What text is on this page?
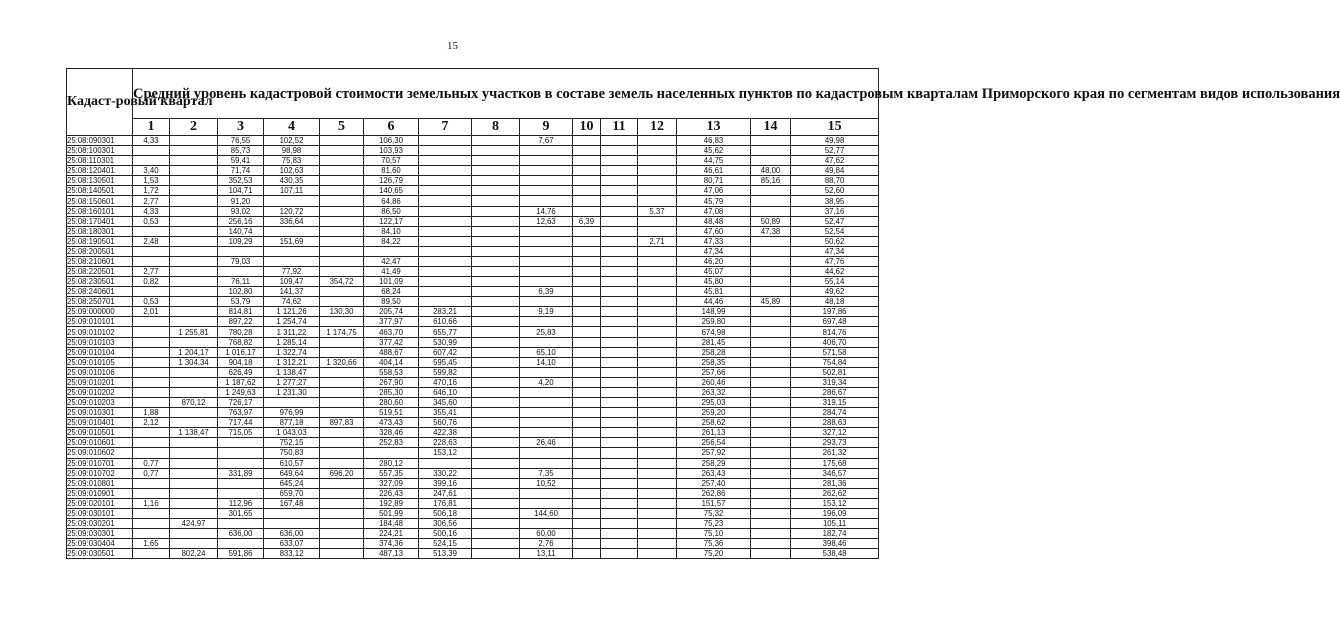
15
Кадаст-ровый квартал	Средний уровень кадастровой стоимости земельных участков в составе земель населенных пунктов по кадастровым кварталам Приморского края по сегментам видов использования														
	1	2	3	4	5	6	7	8	9	10	11	12	13	14	15
25:08:090301	4,33		76,55	102,52		106,30			7,67				46,83		49,98
25:08:100301			85,73	98,98		103,93							45,62		52,77
25:08:110301			59,41	75,83		70,57							44,75		47,62
25:08:120401	3,40		71,74	102,63		81,60							46,61	48,00	49,84
25:08:130501	1,53		352,53	430,35		126,79							80,71	85,16	88,70
25:08:140501	1,72		104,71	107,11		140,65							47,06		52,60
25:08:150601	2,77		91,20			64,86							45,79		38,95
25:08:160101	4,33		93,02	120,72		86,50			14,76			5,37	47,08		37,16
25:08:170401	0,53		256,16	336,64		122,17			12,63	6,39			48,48	50,89	52,47
25:08:180301			140,74			84,10							47,60	47,38	52,54
25:08:190501	2,48		109,29	151,69		84,22						2,71	47,33		50,62
25:08:200501													47,34		47,34
25:08:210601			79,03			42,47							46,20		47,76
25:08:220501	2,77			77,92		41,49							45,07		44,62
25:08:230501	0,82		76,11	109,47	354,72	101,09							45,80		55,14
25:08:240601			102,80	141,37		68,24			6,39				45,81		49,62
25:08:250701	0,53		53,79	74,62		89,50							44,46	45,89	48,18
25:09:000000	2,01		814,81	1 121,26	130,30	205,74	283,21		9,19				148,99		197,86
25:09:010101			897,22	1 254,74		377,97	610,66						259,80		697,48
25:09:010102		1 255,81	780,28	1 311,22	1 174,75	463,70	655,77		25,83				674,98		814,76
25:09:010103			768,82	1 285,14		377,42	530,99						281,45		406,70
25:09:010104		1 204,17	1 016,17	1 322,74		488,67	607,42		65,10				258,28		571,58
25:09:010105		1 304,34	904,18	1 312,21	1 320,66	404,14	595,45		14,10				258,35		754,84
25:09:010106			626,49	1 138,47		558,53	599,82						257,66		502,81
25:09:010201			1 187,62	1 277,27		267,90	470,16		4,20				260,46		319,34
25:09:010202			1 249,63	1 231,30		285,30	646,10						263,32		286,67
25:09:010203		870,12	726,17			280,60	345,60						295,03		319,15
25:09:010301	1,88		763,97	976,99		519,51	355,41						259,20		284,74
25:09:010401	2,12		717,44	877,18	897,83	473,43	560,76						258,62		288,63
25:09:010501		1 138,47	715,05	1 043,03		328,46	422,38						261,13		327,12
25:09:010601				752,15		252,83	228,63		26,46				256,54		293,73
25:09:010602				750,83			153,12						257,92		261,32
25:09:010701	0,77			610,57		280,12							258,29		175,68
25:09:010702	0,77		331,89	649,64	696,20	557,35	330,22		7,35				263,43		346,57
25:09:010801				645,24		327,09	399,16		10,52				257,40		281,36
25:09:010901				659,70		226,43	247,61						262,86		262,62
25:09:020101	1,16		112,96	167,48		192,89	176,81						151,57		153,12
25:09:030101			301,65			501,99	506,18		144,60				75,32		196,09
25:09:030201		424,97				184,48	306,56						75,23		105,11
25:09:030301			636,00	636,00		224,21	500,16		60,00				75,10		182,74
25:09:030404	1,65			633,07		374,36	524,15		2,76				75,36		398,46
25:09:030501		802,24	591,86	833,12		487,13	513,39		13,11				75,20		538,48
